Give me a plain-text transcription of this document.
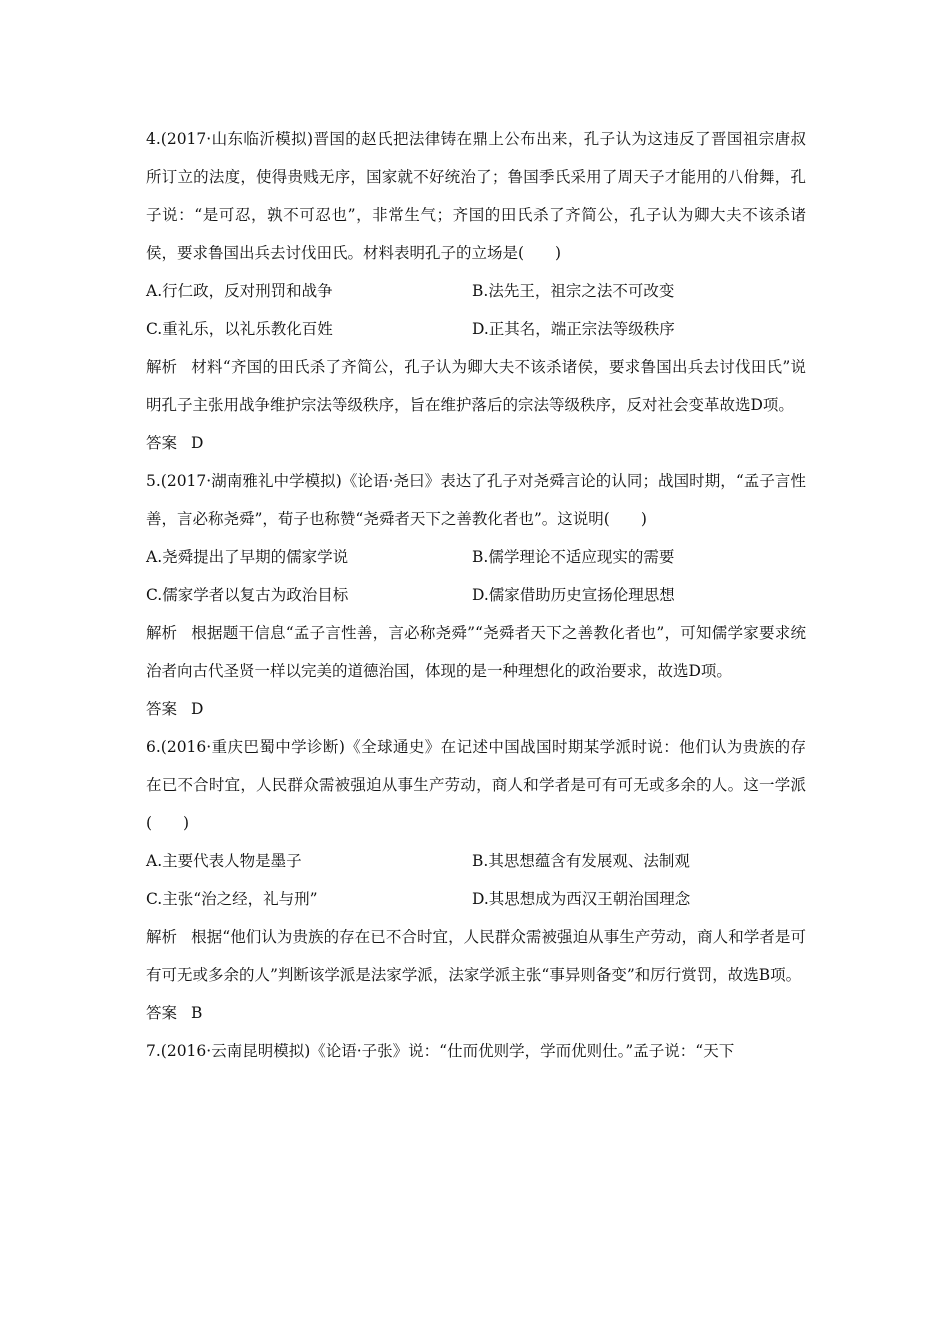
4.(2017·山东临沂模拟)晋国的赵氏把法律铸在鼎上公布出来，孔子认为这违反了晋国祖宗唐叔所订立的法度，使得贵贱无序，国家就不好统治了；鲁国季氏采用了周天子才能用的八佾舞，孔子说：“是可忍，孰不可忍也”，非常生气；齐国的田氏杀了齐简公，孔子认为卿大夫不该杀诸侯，要求鲁国出兵去讨伐田氏。材料表明孔子的立场是(　　)

A.行仁政，反对刑罚和战争	B.法先王，祖宗之法不可改变
C.重礼乐，以礼乐教化百姓	D.正其名，端正宗法等级秩序

解析 材料“齐国的田氏杀了齐简公，孔子认为卿大夫不该杀诸侯，要求鲁国出兵去讨伐田氏”说明孔子主张用战争维护宗法等级秩序，旨在维护落后的宗法等级秩序，反对社会变革故选D项。

答案 D

5.(2017·湖南雅礼中学模拟)《论语·尧曰》表达了孔子对尧舜言论的认同；战国时期，“孟子言性善，言必称尧舜”，荀子也称赞“尧舜者天下之善教化者也”。这说明(　　)

A.尧舜提出了早期的儒家学说	B.儒学理论不适应现实的需要
C.儒家学者以复古为政治目标	D.儒家借助历史宣扬伦理思想

解析 根据题干信息“孟子言性善，言必称尧舜”“尧舜者天下之善教化者也”，可知儒学家要求统治者向古代圣贤一样以完美的道德治国，体现的是一种理想化的政治要求，故选D项。

答案 D

6.(2016·重庆巴蜀中学诊断)《全球通史》在记述中国战国时期某学派时说：他们认为贵族的存在已不合时宜，人民群众需被强迫从事生产劳动，商人和学者是可有可无或多余的人。这一学派(　　)

A.主要代表人物是墨子	B.其思想蕴含有发展观、法制观
C.主张“治之经，礼与刑”	D.其思想成为西汉王朝治国理念

解析 根据“他们认为贵族的存在已不合时宜，人民群众需被强迫从事生产劳动，商人和学者是可有可无或多余的人”判断该学派是法家学派，法家学派主张“事异则备变”和厉行赏罚，故选B项。

答案 B

7.(2016·云南昆明模拟)《论语·子张》说：“仕而优则学，学而优则仕。”孟子说：“天下
